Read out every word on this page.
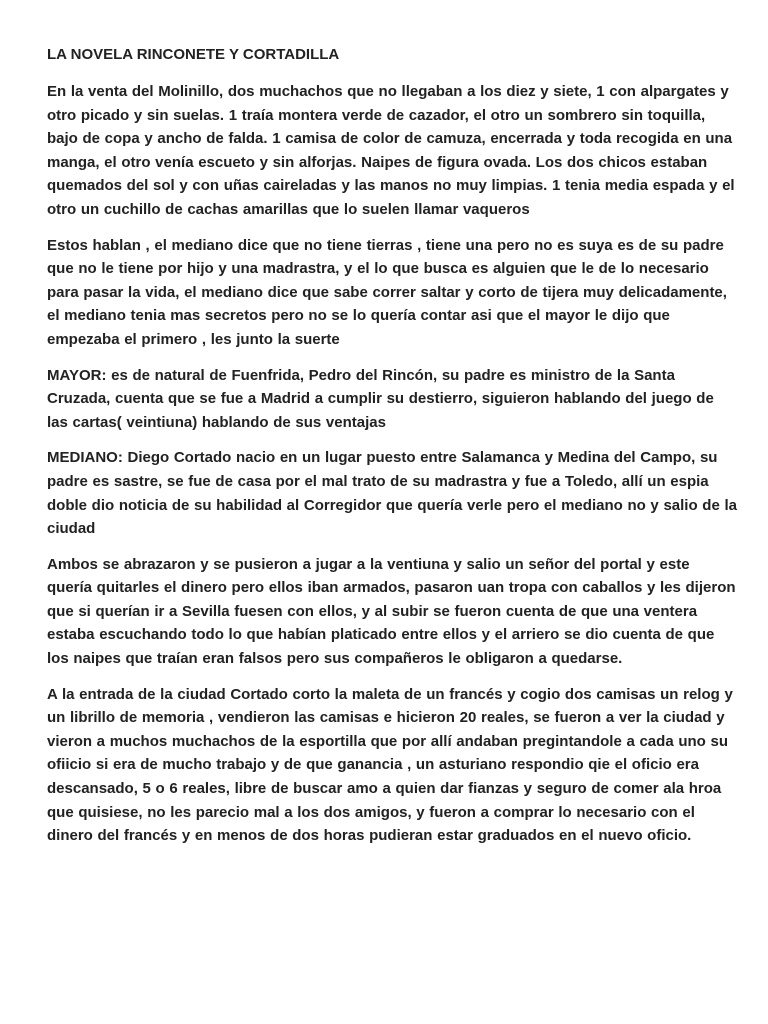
LA NOVELA RINCONETE Y CORTADILLA

En la venta del Molinillo, dos muchachos que no llegaban a los diez y siete, 1 con alpargates y otro picado y sin suelas. 1 traía montera verde de cazador, el otro un sombrero sin toquilla, bajo de copa y ancho de falda. 1 camisa de color de camuza, encerrada y toda recogida en una manga, el otro venía escueto y sin alforjas. Naipes de figura ovada. Los dos chicos estaban quemados del sol y con uñas caireladas y las manos no muy limpias. 1 tenia media espada y el otro un cuchillo de cachas amarillas que lo suelen llamar vaqueros

Estos hablan , el mediano dice que no tiene tierras , tiene una pero no es suya es de su padre que no le tiene por hijo y una madrastra, y el lo que busca es alguien que le de lo necesario para pasar la vida, el mediano dice que sabe correr saltar y corto de tijera muy delicadamente, el mediano tenia mas secretos pero no se lo quería contar asi que el mayor le dijo que empezaba el primero , les junto la suerte

MAYOR: es de natural de Fuenfrida, Pedro del Rincón, su padre es ministro de la Santa Cruzada, cuenta que se fue a Madrid a cumplir su destierro, siguieron hablando del juego de las cartas( veintiuna) hablando de sus ventajas

MEDIANO: Diego Cortado nacio en un lugar puesto entre Salamanca y Medina del Campo, su padre es sastre, se fue de casa por el mal trato de su madrastra y fue a Toledo, allí un espia doble dio noticia de su habilidad al Corregidor que quería verle pero el mediano no y salio de la ciudad

Ambos se abrazaron y se pusieron a jugar a la ventiuna y salio un señor del portal y este quería quitarles el dinero pero ellos iban armados, pasaron uan tropa con caballos y les dijeron que si querían ir a Sevilla fuesen con ellos, y al subir se fueron cuenta de que una ventera estaba escuchando todo lo que habían platicado entre ellos y el arriero se dio cuenta de que los naipes que traían eran falsos pero sus compañeros le obligaron a quedarse.

A la entrada de la ciudad Cortado corto la maleta de un francés y cogio dos camisas un relog y un librillo de memoria , vendieron las camisas e hicieron 20 reales, se fueron a ver la ciudad y vieron a muchos muchachos de la esportilla que por allí andaban pregintandole a cada uno su ofiicio si era de mucho trabajo y de que ganancia , un asturiano respondio qie el oficio era descansado, 5 o 6 reales, libre de buscar amo a quien dar fianzas y seguro de comer ala hroa que quisiese, no les parecio mal a los dos amigos, y fueron a comprar lo necesario con el dinero del francés y en menos de dos horas pudieran estar graduados en el nuevo oficio.
